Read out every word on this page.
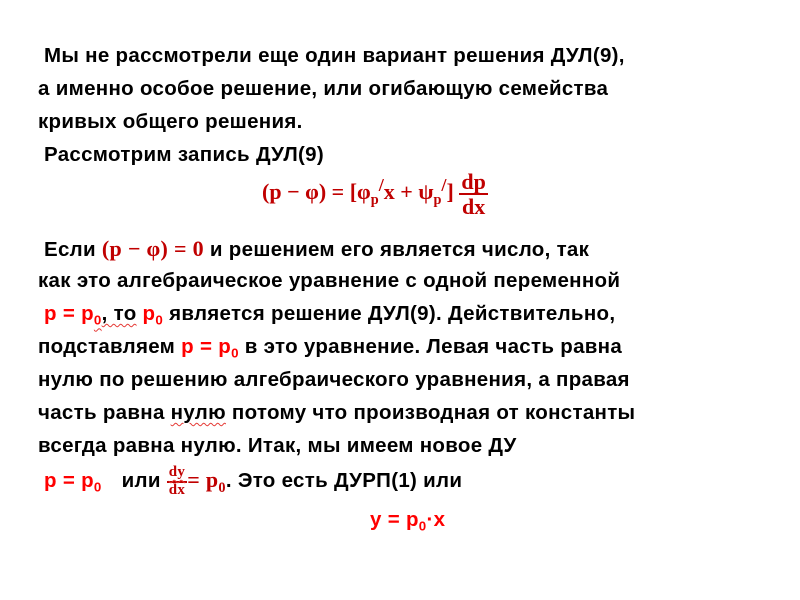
Мы не рассмотрели еще один вариант решения ДУЛ(9),
а именно особое решение, или огибающую семейства
кривых общего решения.
Рассмотрим запись ДУЛ(9)
$(p - \varphi) = [\varphi_p^/x + \psi_p^/] \frac{dp}{dx}$
Если (p − φ) = 0 и решением его является число, так
как это алгебраическое уравнение с одной переменной
$p = p_0$, то $p_0$ является решение ДУЛ(9). Действительно,
подставляем $p = p_0$ в это уравнение. Левая часть равна
нулю по решению алгебраического уравнения, а правая
часть равна нулю потому что производная от константы
всегда равна нулю. Итак, мы имеем новое ДУ
$p = p_0$ или $\frac{dy}{dx} = p_0$. Это есть ДУРП(1) или
$y = p_0\cdot x$
